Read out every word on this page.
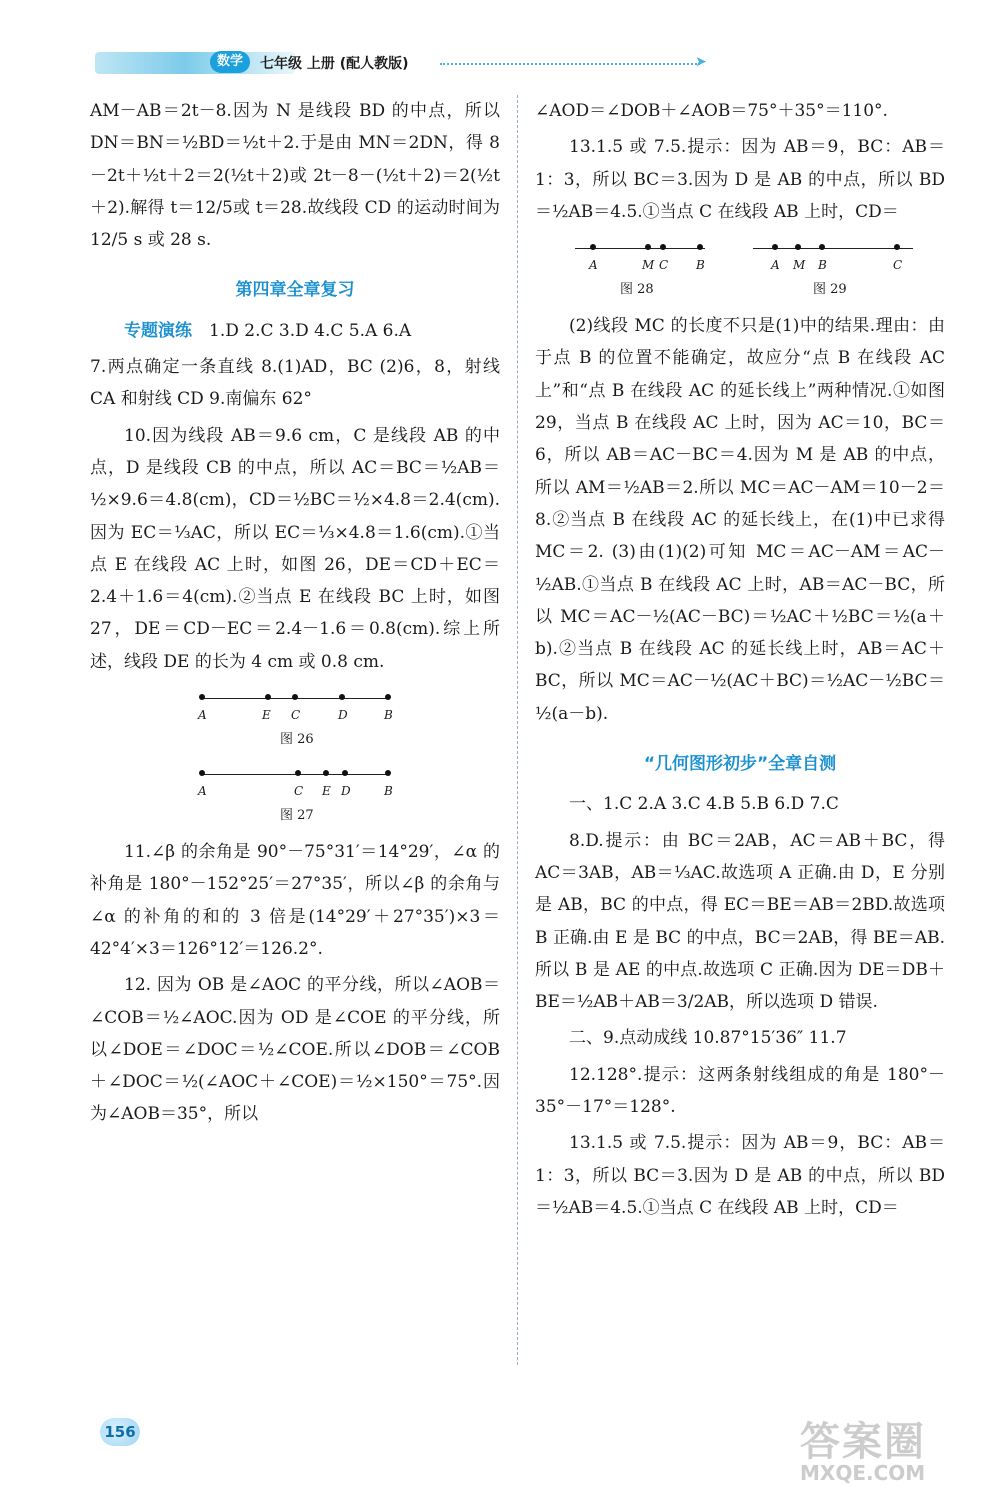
数学	七年级 上册 (配人教版)	➤

AM－AB＝2t－8.因为 N 是线段 BD 的中点，所以 DN＝BN＝½BD＝½t＋2.于是由 MN＝2DN，得 8－2t＋½t＋2＝2(½t＋2)或 2t－8－(½t＋2)＝2(½t＋2).解得 t＝12/5或 t＝28.故线段 CD 的运动时间为12/5 s 或 28 s.

第四章全章复习

专题演练　 1.D 2.C 3.D 4.C 5.A 6.A

7.两点确定一条直线 8.(1)AD，BC (2)6，8，射线 CA 和射线 CD 9.南偏东 62°

10.因为线段 AB＝9.6 cm，C 是线段 AB 的中点，D 是线段 CB 的中点，所以 AC＝BC＝½AB＝½×9.6＝4.8(cm)，CD＝½BC＝½×4.8＝2.4(cm).因为 EC＝⅓AC，所以 EC＝⅓×4.8＝1.6(cm).①当点 E 在线段 AC 上时，如图 26，DE＝CD＋EC＝2.4＋1.6＝4(cm).②当点 E 在线段 BC 上时，如图 27，DE＝CD－EC＝2.4－1.6＝0.8(cm).综上所述，线段 DE 的长为 4 cm 或 0.8 cm.

A	E C	D	B
图 26
A	C E D	B
图 27

11.∠β 的余角是 90°－75°31′＝14°29′，∠α 的补角是 180°－152°25′＝27°35′，所以∠β 的余角与∠α 的补角的和的 3 倍是(14°29′＋27°35′)×3＝42°4′×3＝126°12′＝126.2°.

12. 因为 OB 是∠AOC 的平分线，所以∠AOB＝∠COB＝½∠AOC.因为 OD 是∠COE 的平分线，所以∠DOE＝∠DOC＝½∠COE.所以∠DOB＝∠COB＋∠DOC＝½(∠AOC＋∠COE)＝½×150°＝75°.因为∠AOB＝35°，所以

∠AOD＝∠DOB＋∠AOB＝75°＋35°＝110°.

13.1.5 或 7.5.提示：因为 AB＝9，BC：AB＝1：3，所以 BC＝3.因为 D 是 AB 的中点，所以 BD＝½AB＝4.5.①当点 C 在线段 AB 上时，CD＝

A	M C B
图 28
A M B	C
图 29

(2)线段 MC 的长度不只是(1)中的结果.理由：由于点 B 的位置不能确定，故应分“点 B 在线段 AC 上”和“点 B 在线段 AC 的延长线上”两种情况.①如图 29，当点 B 在线段 AC 上时，因为 AC＝10，BC＝6，所以 AB＝AC－BC＝4.因为 M 是 AB 的中点，所以 AM＝½AB＝2.所以 MC＝AC－AM＝10－2＝8.②当点 B 在线段 AC 的延长线上，在(1)中已求得 MC＝2. (3)由(1)(2)可知 MC＝AC－AM＝AC－½AB.①当点 B 在线段 AC 上时，AB＝AC－BC，所以 MC＝AC－½(AC－BC)＝½AC＋½BC＝½(a＋b).②当点 B 在线段 AC 的延长线上时，AB＝AC＋BC，所以 MC＝AC－½(AC＋BC)＝½AC－½BC＝½(a－b).

“几何图形初步”全章自测

一、1.C 2.A 3.C 4.B 5.B 6.D 7.C

8.D.提示：由 BC＝2AB，AC＝AB＋BC，得 AC＝3AB，AB＝⅓AC.故选项 A 正确.由 D，E 分别是 AB，BC 的中点，得 EC＝BE＝AB＝2BD.故选项 B 正确.由 E 是 BC 的中点，BC＝2AB，得 BE＝AB.所以 B 是 AE 的中点.故选项 C 正确.因为 DE＝DB＋BE＝½AB＋AB＝3/2AB，所以选项 D 错误.

二、9.点动成线 10.87°15′36″ 11.7

12.128°.提示：这两条射线组成的角是 180°－35°－17°＝128°.

13.1.5 或 7.5.提示：因为 AB＝9，BC：AB＝1：3，所以 BC＝3.因为 D 是 AB 的中点，所以 BD＝½AB＝4.5.①当点 C 在线段 AB 上时，CD＝

156	答案圈
MXQE.COM
